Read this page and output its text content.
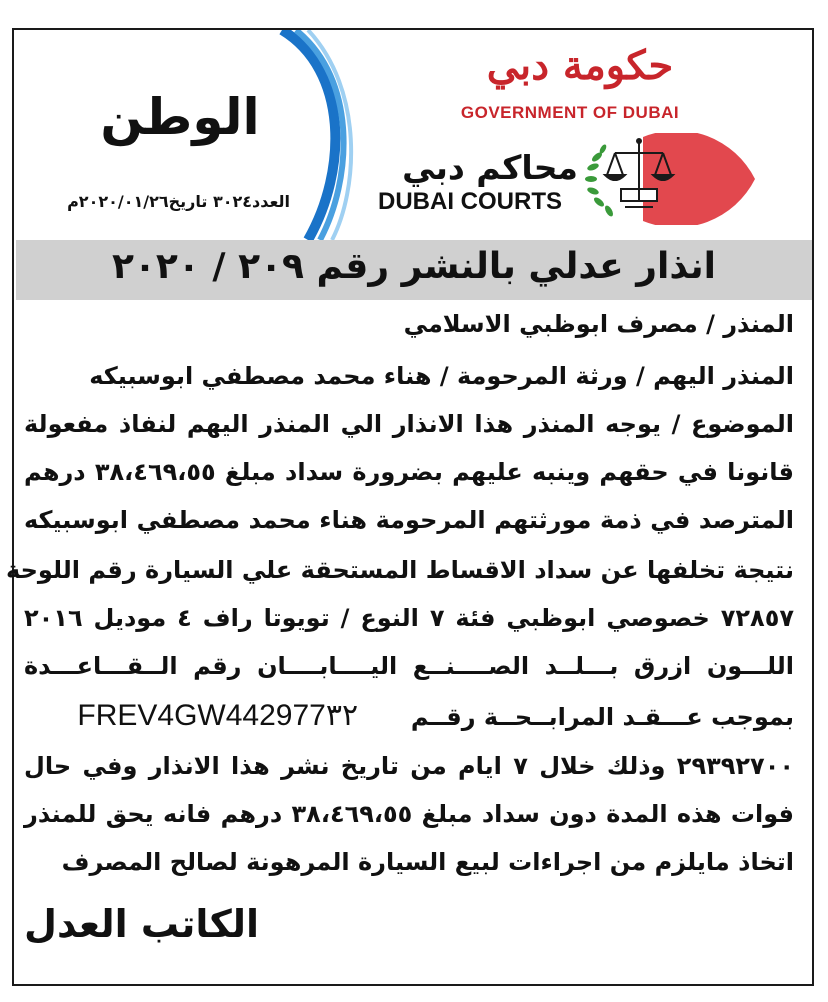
حكومة دبي
GOVERNMENT OF DUBAI
محاكم دبي
DUBAI COURTS
الوطن
العدد٣٠٢٤ تاريخ٢٠٢٠/٠١/٢٦م
انذار عدلي بالنشر رقم ٢٠٩ / ٢٠٢٠
المنذر / مصرف ابوظبي الاسلامي
المنذر اليهم / ورثة المرحومة / هناء محمد مصطفي ابوسبيكه
الموضوع / يوجه المنذر هذا الانذار الي المنذر اليهم لنفاذ مفعولة
قانونا في حقهم وينبه عليهم بضرورة سداد مبلغ ٣٨،٤٦٩،٥٥ درهم
المترصد في ذمة مورثتهم المرحومة هناء محمد مصطفي ابوسبيكه
نتيجة تخلفها عن سداد الاقساط المستحقة علي السيارة رقم اللوحة
٧٢٨٥٧ خصوصي ابوظبي فئة ٧ النوع / تويوتا راف ٤ موديل ٢٠١٦
اللـــون ازرق بـــلــد الصــــنــع اليــــابــــان رقم الــقـــاعـــدة
بموجب عـــقـد المرابــحــة رقــم  FREV4GW442977٣٢
٢٩٣٩٢٧٠٠ وذلك خلال ٧ ايام من تاريخ نشر هذا الانذار وفي حال
فوات هذه المدة دون سداد مبلغ ٣٨،٤٦٩،٥٥ درهم فانه يحق للمنذر
اتخاذ مايلزم من اجراءات لبيع السيارة المرهونة لصالح المصرف
الكاتب العدل
